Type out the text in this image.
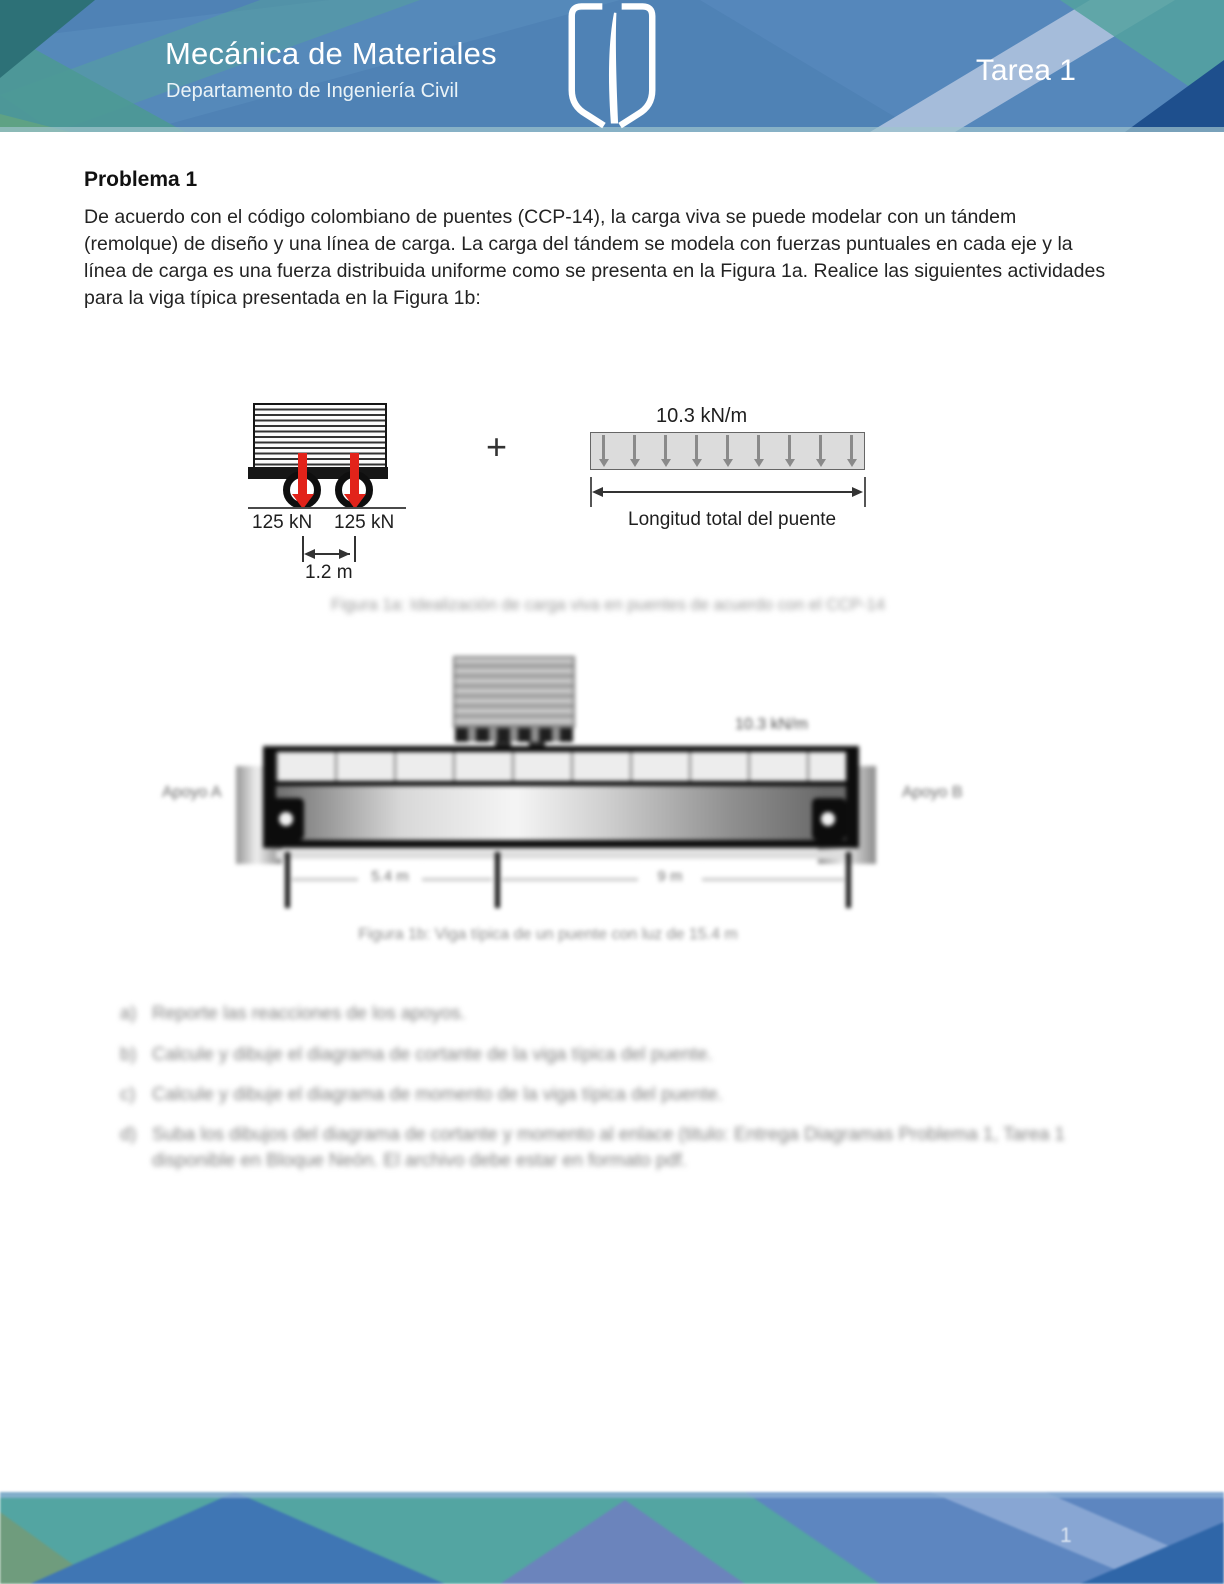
Mecánica de Materiales
Departamento de Ingeniería Civil
Tarea 1
Problema 1
De acuerdo con el código colombiano de puentes (CCP-14), la carga viva se puede modelar con un tándem (remolque) de diseño y una línea de carga. La carga del tándem se modela con fuerzas puntuales en cada eje y la línea de carga es una fuerza distribuida uniforme como se presenta en la Figura 1a. Realice las siguientes actividades para la viga típica presentada en la Figura 1b:
125 kN 125 kN
1.2 m
+
10.3 kN/m
Longitud total del puente
Figura 1a: Idealización de carga viva en puentes de acuerdo con el CCP-14
10.3 kN/m
Apoyo A	Apoyo B
5.4 m	9 m
Figura 1b: Viga típica de un puente con luz de 15.4 m
a) Reporte las reacciones de los apoyos.
b) Calcule y dibuje el diagrama de cortante de la viga típica del puente.
c) Calcule y dibuje el diagrama de momento de la viga típica del puente.
d) Suba los dibujos del diagrama de cortante y momento al enlace (titulo: Entrega Diagramas Problema 1, Tarea 1 disponible en Bloque Neón. El archivo debe estar en formato pdf.
1
